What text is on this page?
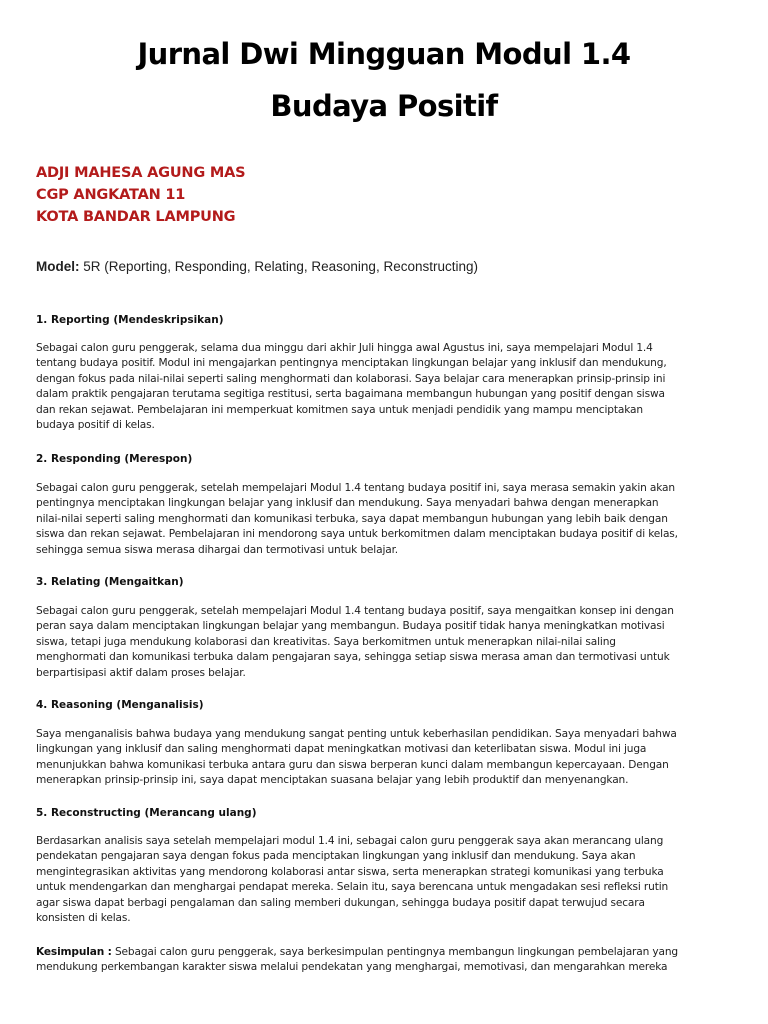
Jurnal Dwi Mingguan Modul 1.4
Budaya Positif
ADJI MAHESA AGUNG MAS
CGP ANGKATAN 11
KOTA BANDAR LAMPUNG
Model: 5R (Reporting, Responding, Relating, Reasoning, Reconstructing)
1. Reporting (Mendeskripsikan)
Sebagai calon guru penggerak, selama dua minggu dari akhir Juli hingga awal Agustus ini, saya mempelajari Modul 1.4
tentang budaya positif. Modul ini mengajarkan pentingnya menciptakan lingkungan belajar yang inklusif dan mendukung,
dengan fokus pada nilai-nilai seperti saling menghormati dan kolaborasi. Saya belajar cara menerapkan prinsip-prinsip ini
dalam praktik pengajaran terutama segitiga restitusi, serta bagaimana membangun hubungan yang positif dengan siswa
dan rekan sejawat. Pembelajaran ini memperkuat komitmen saya untuk menjadi pendidik yang mampu menciptakan
budaya positif di kelas.
2. Responding (Merespon)
Sebagai calon guru penggerak, setelah mempelajari Modul 1.4 tentang budaya positif ini, saya merasa semakin yakin akan
pentingnya menciptakan lingkungan belajar yang inklusif dan mendukung. Saya menyadari bahwa dengan menerapkan
nilai-nilai seperti saling menghormati dan komunikasi terbuka, saya dapat membangun hubungan yang lebih baik dengan
siswa dan rekan sejawat. Pembelajaran ini mendorong saya untuk berkomitmen dalam menciptakan budaya positif di kelas,
sehingga semua siswa merasa dihargai dan termotivasi untuk belajar.
3. Relating (Mengaitkan)
Sebagai calon guru penggerak, setelah mempelajari Modul 1.4 tentang budaya positif, saya mengaitkan konsep ini dengan
peran saya dalam menciptakan lingkungan belajar yang membangun. Budaya positif tidak hanya meningkatkan motivasi
siswa, tetapi juga mendukung kolaborasi dan kreativitas. Saya berkomitmen untuk menerapkan nilai-nilai saling
menghormati dan komunikasi terbuka dalam pengajaran saya, sehingga setiap siswa merasa aman dan termotivasi untuk
berpartisipasi aktif dalam proses belajar.
4. Reasoning (Menganalisis)
Saya menganalisis bahwa budaya yang mendukung sangat penting untuk keberhasilan pendidikan. Saya menyadari bahwa
lingkungan yang inklusif dan saling menghormati dapat meningkatkan motivasi dan keterlibatan siswa. Modul ini juga
menunjukkan bahwa komunikasi terbuka antara guru dan siswa berperan kunci dalam membangun kepercayaan. Dengan
menerapkan prinsip-prinsip ini, saya dapat menciptakan suasana belajar yang lebih produktif dan menyenangkan.
5. Reconstructing (Merancang ulang)
Berdasarkan analisis saya setelah mempelajari modul 1.4 ini, sebagai calon guru penggerak saya akan merancang ulang
pendekatan pengajaran saya dengan fokus pada menciptakan lingkungan yang inklusif dan mendukung. Saya akan
mengintegrasikan aktivitas yang mendorong kolaborasi antar siswa, serta menerapkan strategi komunikasi yang terbuka
untuk mendengarkan dan menghargai pendapat mereka. Selain itu, saya berencana untuk mengadakan sesi refleksi rutin
agar siswa dapat berbagi pengalaman dan saling memberi dukungan, sehingga budaya positif dapat terwujud secara
konsisten di kelas.
Kesimpulan : Sebagai calon guru penggerak, saya berkesimpulan pentingnya membangun lingkungan pembelajaran yang
mendukung perkembangan karakter siswa melalui pendekatan yang menghargai, memotivasi, dan mengarahkan mereka
